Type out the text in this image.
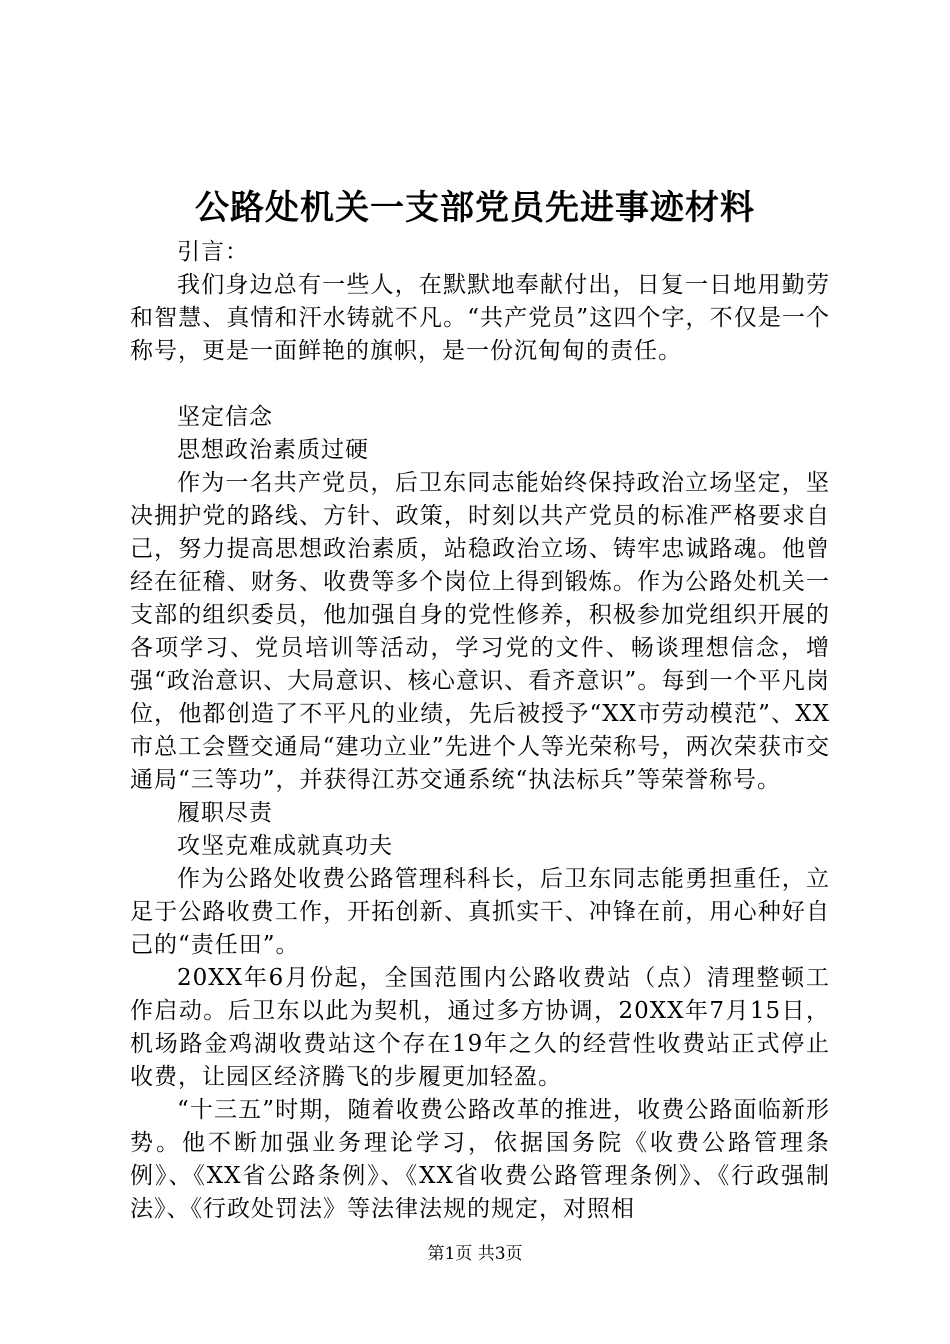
公路处机关一支部党员先进事迹材料

引言：

我们身边总有一些人，在默默地奉献付出，日复一日地用勤劳和智慧、真情和汗水铸就不凡。“共产党员”这四个字，不仅是一个称号，更是一面鲜艳的旗帜，是一份沉甸甸的责任。

坚定信念

思想政治素质过硬

作为一名共产党员，后卫东同志能始终保持政治立场坚定，坚决拥护党的路线、方针、政策，时刻以共产党员的标准严格要求自己，努力提高思想政治素质，站稳政治立场、铸牢忠诚路魂。他曾经在征稽、财务、收费等多个岗位上得到锻炼。作为公路处机关一支部的组织委员，他加强自身的党性修养，积极参加党组织开展的各项学习、党员培训等活动，学习党的文件、畅谈理想信念，增强“政治意识、大局意识、核心意识、看齐意识”。每到一个平凡岗位，他都创造了不平凡的业绩，先后被授予“XX市劳动模范”、XX市总工会暨交通局“建功立业”先进个人等光荣称号，两次荣获市交通局“三等功”，并获得江苏交通系统“执法标兵”等荣誉称号。

履职尽责

攻坚克难成就真功夫

作为公路处收费公路管理科科长，后卫东同志能勇担重任，立足于公路收费工作，开拓创新、真抓实干、冲锋在前，用心种好自己的“责任田”。

20XX年6月份起，全国范围内公路收费站（点）清理整顿工作启动。后卫东以此为契机，通过多方协调，20XX年7月15日，机场路金鸡湖收费站这个存在19年之久的经营性收费站正式停止收费，让园区经济腾飞的步履更加轻盈。

“十三五”时期，随着收费公路改革的推进，收费公路面临新形势。他不断加强业务理论学习，依据国务院《收费公路管理条例》、《XX省公路条例》、《XX省收费公路管理条例》、《行政强制法》、《行政处罚法》等法律法规的规定，对照相

第1页 共3页
